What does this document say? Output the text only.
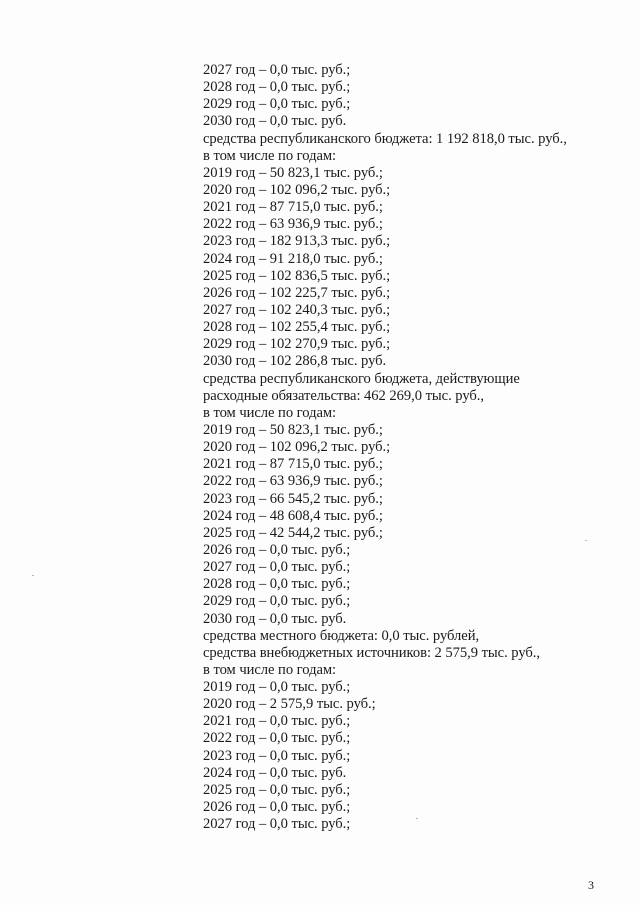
2027 год – 0,0 тыс. руб.;
2028 год – 0,0 тыс. руб.;
2029 год – 0,0 тыс. руб.;
2030 год – 0,0 тыс. руб.
средства республиканского бюджета: 1 192 818,0 тыс. руб.,
в том числе по годам:
2019 год – 50 823,1 тыс. руб.;
2020 год – 102 096,2 тыс. руб.;
2021 год – 87 715,0 тыс. руб.;
2022 год – 63 936,9 тыс. руб.;
2023 год – 182 913,3 тыс. руб.;
2024 год – 91 218,0 тыс. руб.;
2025 год – 102 836,5 тыс. руб.;
2026 год – 102 225,7 тыс. руб.;
2027 год – 102 240,3 тыс. руб.;
2028 год – 102 255,4 тыс. руб.;
2029 год – 102 270,9 тыс. руб.;
2030 год – 102 286,8 тыс. руб.
средства республиканского бюджета, действующие
расходные обязательства: 462 269,0 тыс. руб.,
в том числе по годам:
2019 год – 50 823,1 тыс. руб.;
2020 год – 102 096,2 тыс. руб.;
2021 год – 87 715,0 тыс. руб.;
2022 год – 63 936,9 тыс. руб.;
2023 год – 66 545,2 тыс. руб.;
2024 год – 48 608,4 тыс. руб.;
2025 год – 42 544,2 тыс. руб.;
2026 год – 0,0 тыс. руб.;
2027 год – 0,0 тыс. руб.;
2028 год – 0,0 тыс. руб.;
2029 год – 0,0 тыс. руб.;
2030 год – 0,0 тыс. руб.
средства местного бюджета: 0,0 тыс. рублей,
средства внебюджетных источников: 2 575,9 тыс. руб.,
в том числе по годам:
2019 год – 0,0 тыс. руб.;
2020 год – 2 575,9 тыс. руб.;
2021 год – 0,0 тыс. руб.;
2022 год – 0,0 тыс. руб.;
2023 год – 0,0 тыс. руб.;
2024 год – 0,0 тыс. руб.
2025 год – 0,0 тыс. руб.;
2026 год – 0,0 тыс. руб.;
2027 год – 0,0 тыс. руб.;
3
